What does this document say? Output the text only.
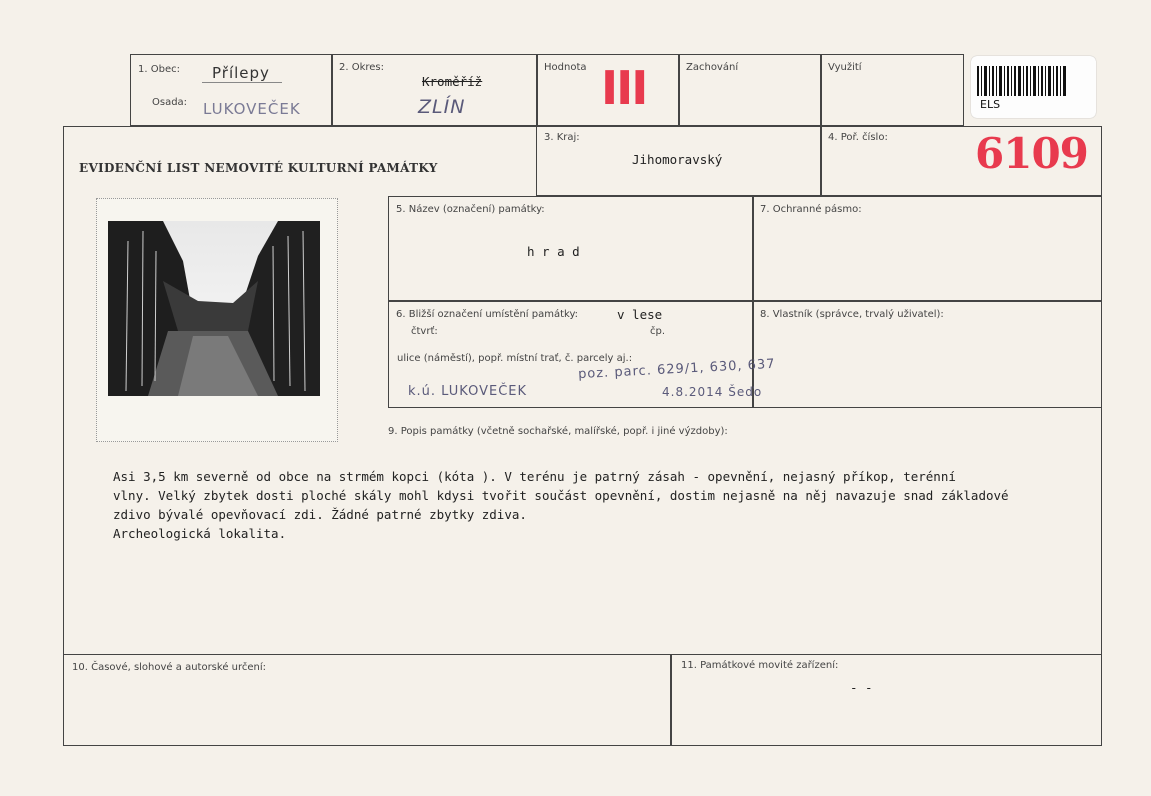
1. Obec: Přílepy
Osada: LUKOVEČEK
2. Okres:
Kroměříž
ZLÍN
Hodnota III	Zachování	Využití
ELS
EVIDENČNÍ LIST NEMOVITÉ KULTURNÍ PAMÁTKY
3. Kraj:
Jihomoravský
4. Poř. číslo: 6109
5. Název (označení) památky:
h r a d
7. Ochranné pásmo:
6. Bližší označení umístění památky:	v lese
čtvrť:	čp.
ulice (náměstí), popř. místní trať, č. parcely aj.:
poz. parc. 629/1, 630, 637
k.ú. LUKOVEČEK	4.8.2014 Šeďo
8. Vlastník (správce, trvalý uživatel):
9. Popis památky (včetně sochařské, malířské, popř. i jiné výzdoby):
Asi 3,5 km severně od obce na strmém kopci (kóta ). V terénu je patrný zásah - opevnění, nejasný příkop, terénní
vlny. Velký zbytek dosti ploché skály mohl kdysi tvořit součást opevnění, dostim nejasně na něj navazuje snad základové
zdivo bývalé opevňovací zdi. Žádné patrné zbytky zdiva.
Archeologická lokalita.
10. Časové, slohové a autorské určení:	11. Památkové movité zařízení:
- -
